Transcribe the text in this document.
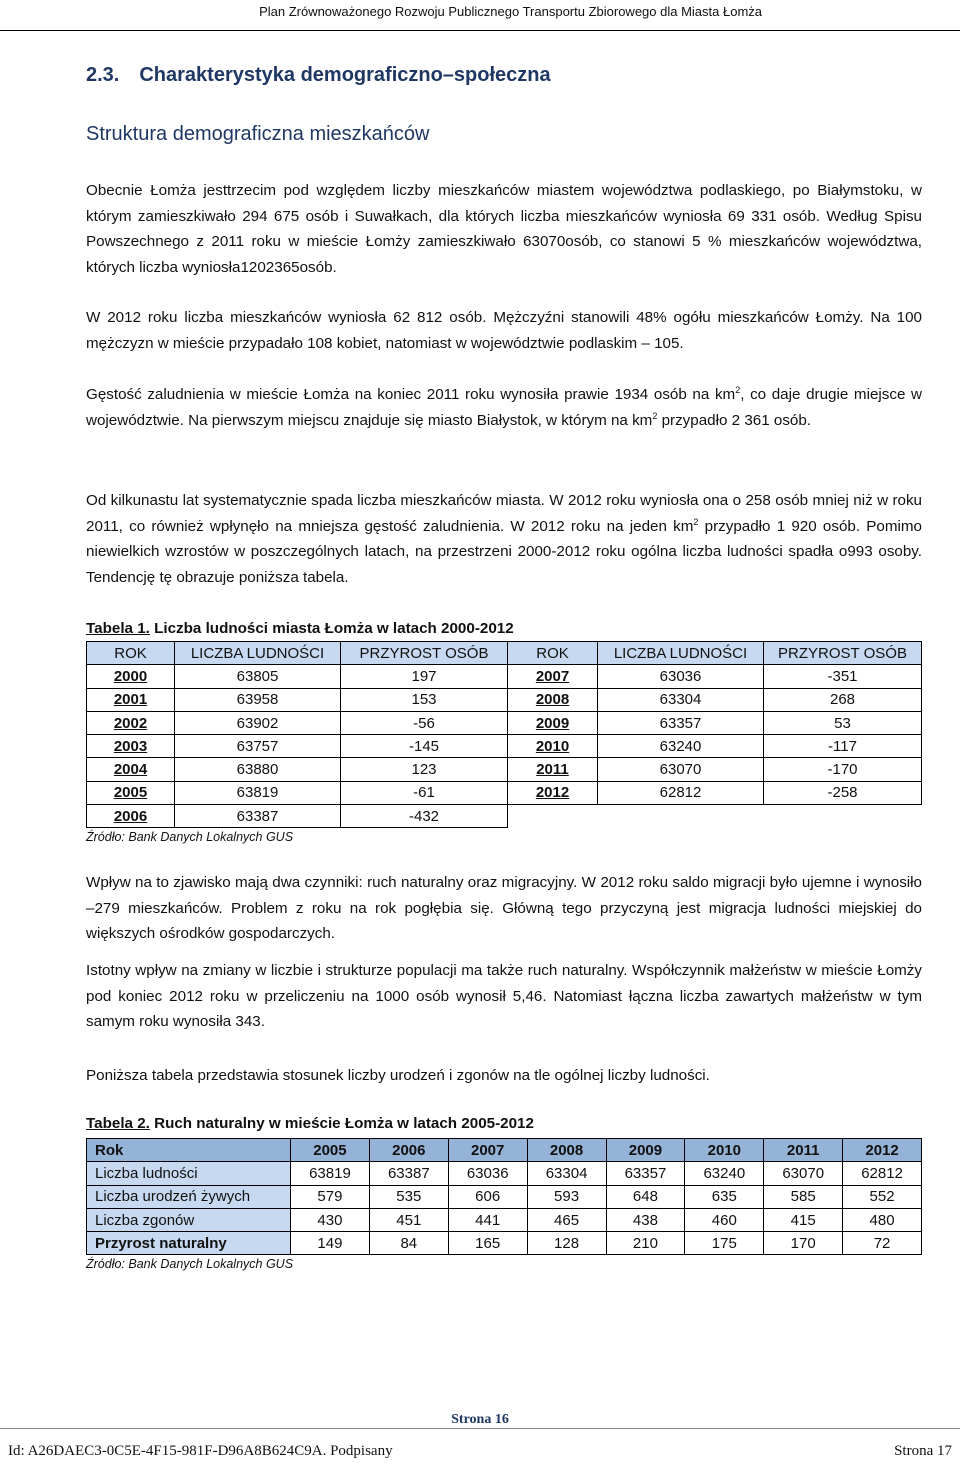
Plan Zrównoważonego Rozwoju Publicznego Transportu Zbiorowego dla Miasta Łomża
2.3. Charakterystyka demograficzno–społeczna
Struktura demograficzna mieszkańców

Obecnie Łomża jesttrzecim pod względem liczby mieszkańców miastem województwa podlaskiego, po Białymstoku, w którym zamieszkiwało 294 675 osób i Suwałkach, dla których liczba mieszkańców wyniosła 69 331 osób. Według Spisu Powszechnego z 2011 roku w mieście Łomży zamieszkiwało 63070osób, co stanowi 5 % mieszkańców województwa, których liczba wyniosła1202365osób.

W 2012 roku liczba mieszkańców wyniosła 62 812 osób. Mężczyźni stanowili 48% ogółu mieszkańców Łomży. Na 100 mężczyzn w mieście przypadało 108 kobiet, natomiast w województwie podlaskim – 105.

Gęstość zaludnienia w mieście Łomża na koniec 2011 roku wynosiła prawie 1934 osób na $km^2$, co daje drugie miejsce w województwie. Na pierwszym miejscu znajduje się miasto Białystok, w którym na $km^2$ przypadło 2 361 osób.

Od kilkunastu lat systematycznie spada liczba mieszkańców miasta. W 2012 roku wyniosła ona o 258 osób mniej niż w roku 2011, co również wpłynęło na mniejsza gęstość zaludnienia. W 2012 roku na jeden $km^2$ przypadło 1 920 osób. Pomimo niewielkich wzrostów w poszczególnych latach, na przestrzeni 2000-2012 roku ogólna liczba ludności spadła o993 osoby. Tendencję tę obrazuje poniższa tabela.

Tabela 1. Liczba ludności miasta Łomża w latach 2000-2012
ROK	LICZBA LUDNOŚCI	PRZYROST OSÓB	ROK	LICZBA LUDNOŚCI	PRZYROST OSÓB
2000	63805	197	2007	63036	-351
2001	63958	153	2008	63304	268
2002	63902	-56	2009	63357	53
2003	63757	-145	2010	63240	-117
2004	63880	123	2011	63070	-170
2005	63819	-61	2012	62812	-258
2006	63387	-432			
Źródło: Bank Danych Lokalnych GUS

Wpływ na to zjawisko mają dwa czynniki: ruch naturalny oraz migracyjny. W 2012 roku saldo migracji było ujemne i wynosiło –279 mieszkańców. Problem z roku na rok pogłębia się. Główną tego przyczyną jest migracja ludności miejskiej do większych ośrodków gospodarczych.

Istotny wpływ na zmiany w liczbie i strukturze populacji ma także ruch naturalny. Współczynnik małżeństw w mieście Łomży pod koniec 2012 roku w przeliczeniu na 1000 osób wynosił 5,46. Natomiast łączna liczba zawartych małżeństw w tym samym roku wynosiła 343.

Poniższa tabela przedstawia stosunek liczby urodzeń i zgonów na tle ogólnej liczby ludności.

Tabela 2. Ruch naturalny w mieście Łomża w latach 2005-2012
Rok	2005	2006	2007	2008	2009	2010	2011	2012
Liczba ludności	63819	63387	63036	63304	63357	63240	63070	62812
Liczba urodzeń żywych	579	535	606	593	648	635	585	552
Liczba zgonów	430	451	441	465	438	460	415	480
Przyrost naturalny	149	84	165	128	210	175	170	72
Źródło: Bank Danych Lokalnych GUS
Strona 16
Id: A26DAEC3-0C5E-4F15-981F-D96A8B624C9A. Podpisany	Strona 17
